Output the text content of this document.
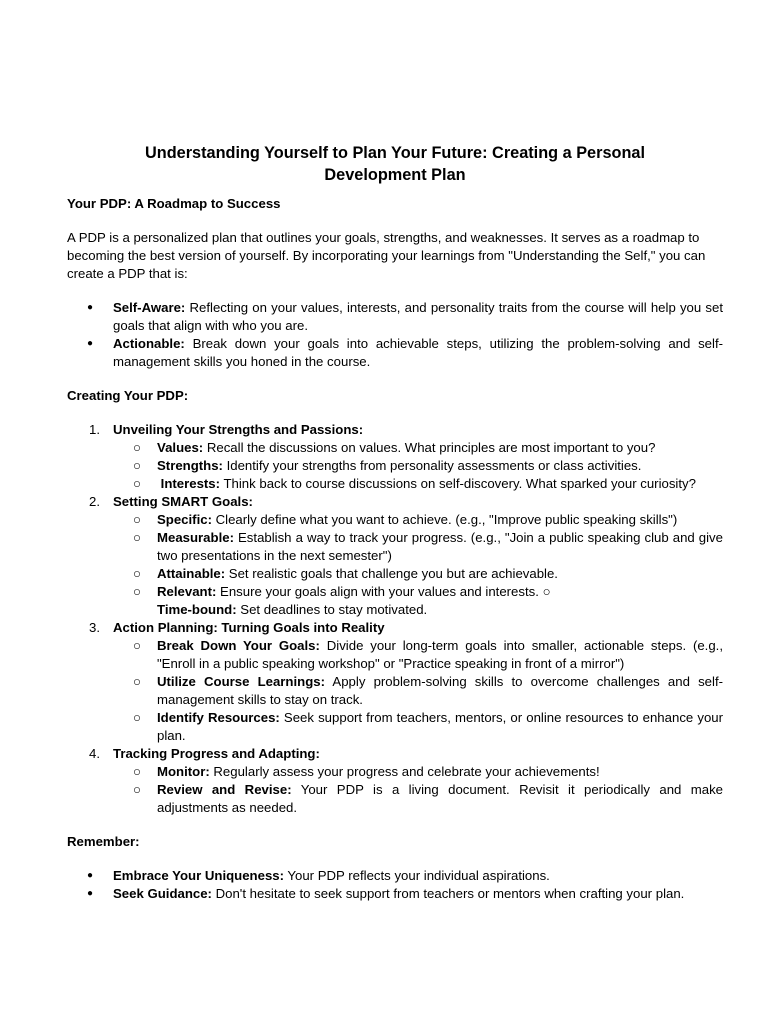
Understanding Yourself to Plan Your Future: Creating a Personal Development Plan

Your PDP: A Roadmap to Success

A PDP is a personalized plan that outlines your goals, strengths, and weaknesses. It serves as a roadmap to becoming the best version of yourself. By incorporating your learnings from "Understanding the Self," you can create a PDP that is:

● Self-Aware: Reflecting on your values, interests, and personality traits from the course will help you set goals that align with who you are.
● Actionable: Break down your goals into achievable steps, utilizing the problem-solving and self-management skills you honed in the course.

Creating Your PDP:

1. Unveiling Your Strengths and Passions:
○ Values: Recall the discussions on values. What principles are most important to you?
○ Strengths: Identify your strengths from personality assessments or class activities.
○ Interests: Think back to course discussions on self-discovery. What sparked your curiosity?
2. Setting SMART Goals:
○ Specific: Clearly define what you want to achieve. (e.g., "Improve public speaking skills")
○ Measurable: Establish a way to track your progress. (e.g., "Join a public speaking club and give two presentations in the next semester")
○ Attainable: Set realistic goals that challenge you but are achievable.
○ Relevant: Ensure your goals align with your values and interests. ○
Time-bound: Set deadlines to stay motivated.
3. Action Planning: Turning Goals into Reality
○ Break Down Your Goals: Divide your long-term goals into smaller, actionable steps. (e.g., "Enroll in a public speaking workshop" or "Practice speaking in front of a mirror")
○ Utilize Course Learnings: Apply problem-solving skills to overcome challenges and self-management skills to stay on track.
○ Identify Resources: Seek support from teachers, mentors, or online resources to enhance your plan.
4. Tracking Progress and Adapting:
○ Monitor: Regularly assess your progress and celebrate your achievements!
○ Review and Revise: Your PDP is a living document. Revisit it periodically and make adjustments as needed.

Remember:

● Embrace Your Uniqueness: Your PDP reflects your individual aspirations.
● Seek Guidance: Don't hesitate to seek support from teachers or mentors when crafting your plan.
